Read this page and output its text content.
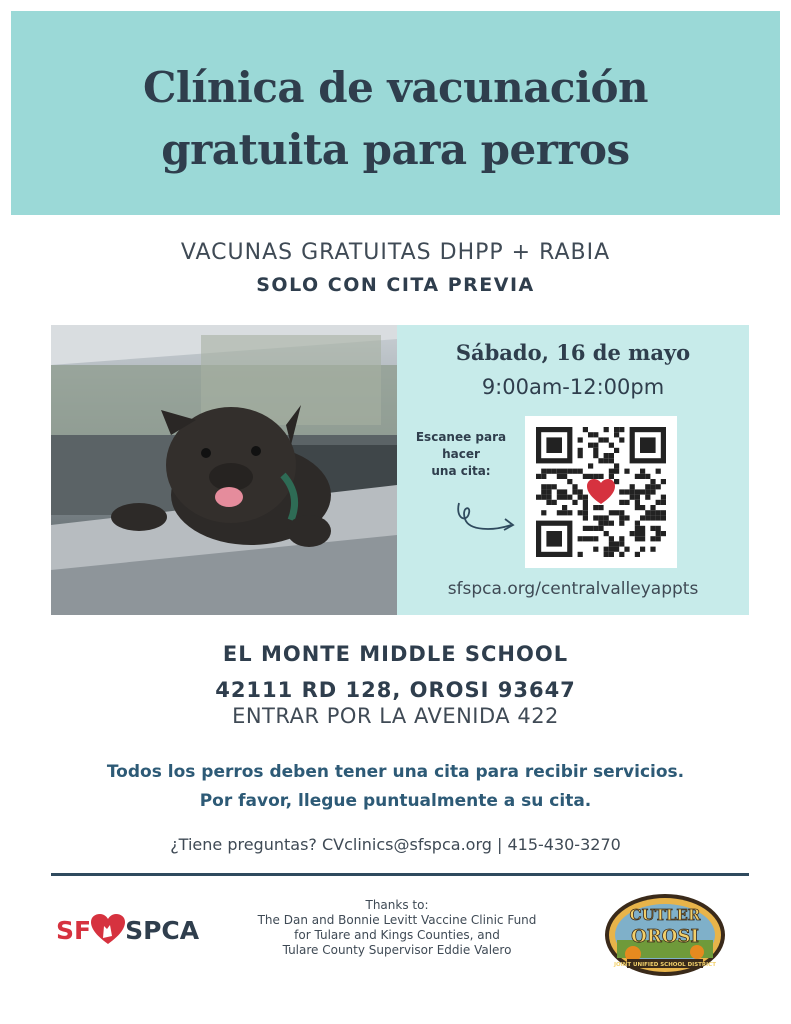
Clínica de vacunación
gratuita para perros
VACUNAS GRATUITAS DHPP + RABIA
SOLO CON CITA PREVIA
Sábado, 16 de mayo
9:00am-12:00pm
Escanee para
hacer
una cita:
sfspca.org/centralvalleyappts
EL MONTE MIDDLE SCHOOL
42111 RD 128, OROSI 93647
ENTRAR POR LA AVENIDA 422
Todos los perros deben tener una cita para recibir servicios.
Por favor, llegue puntualmente a su cita.
¿Tiene preguntas? CVclinics@sfspca.org | 415-430-3270
SF SPCA
Thanks to:
The Dan and Bonnie Levitt Vaccine Clinic Fund
for Tulare and Kings Counties, and
Tulare County Supervisor Eddie Valero
CUTLER
OROSI
JOINT UNIFIED SCHOOL DISTRICT
